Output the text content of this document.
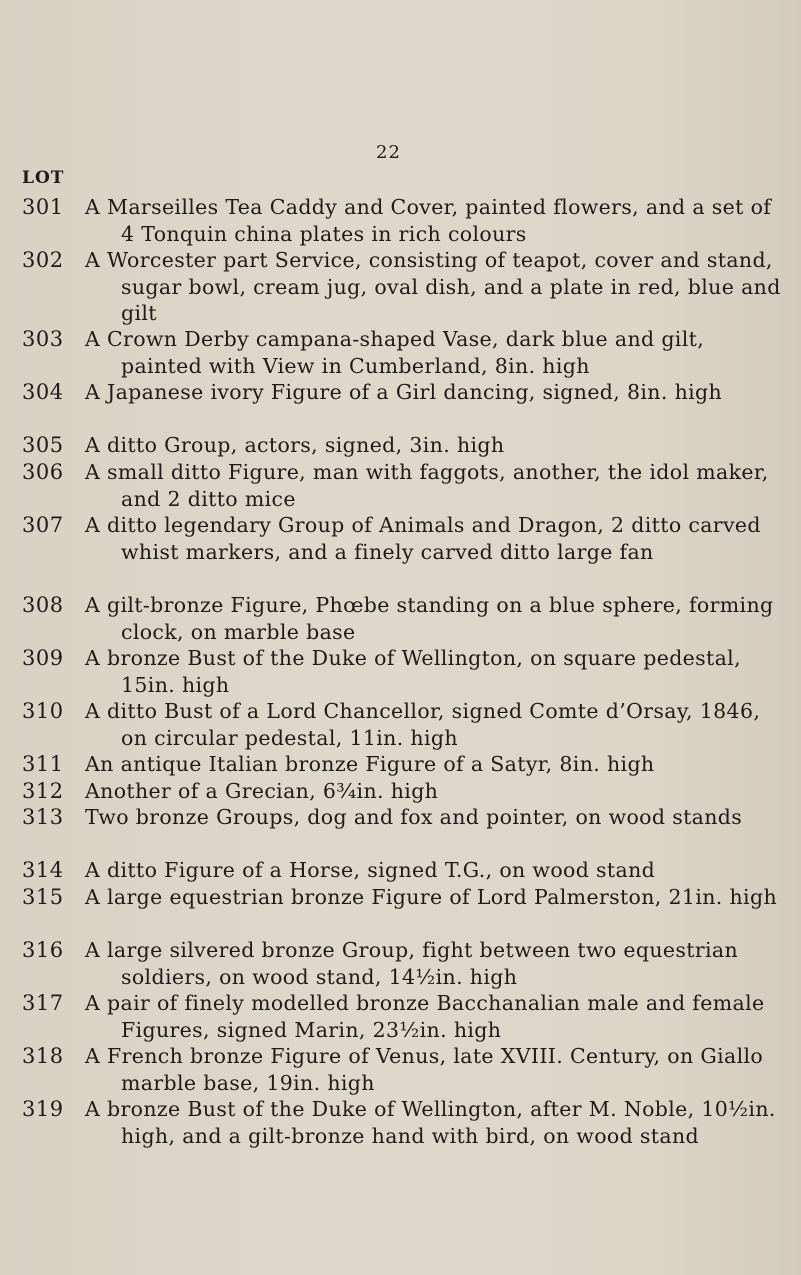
22
LOT
301 A Marseilles Tea Caddy and Cover, painted flowers, and a set of 4 Tonquin china plates in rich colours
302 A Worcester part Service, consisting of teapot, cover and stand, sugar bowl, cream jug, oval dish, and a plate in red, blue and gilt
303 A Crown Derby campana-shaped Vase, dark blue and gilt, painted with View in Cumberland, 8in. high
304 A Japanese ivory Figure of a Girl dancing, signed, 8in. high
305 A ditto Group, actors, signed, 3in. high
306 A small ditto Figure, man with faggots, another, the idol maker, and 2 ditto mice
307 A ditto legendary Group of Animals and Dragon, 2 ditto carved whist markers, and a finely carved ditto large fan
308 A gilt-bronze Figure, Phœbe standing on a blue sphere, forming clock, on marble base
309 A bronze Bust of the Duke of Wellington, on square pedestal, 15in. high
310 A ditto Bust of a Lord Chancellor, signed Comte d’Orsay, 1846, on circular pedestal, 11in. high
311 An antique Italian bronze Figure of a Satyr, 8in. high
312 Another of a Grecian, 6¾in. high
313 Two bronze Groups, dog and fox and pointer, on wood stands
314 A ditto Figure of a Horse, signed T.G., on wood stand
315 A large equestrian bronze Figure of Lord Palmerston, 21in. high
316 A large silvered bronze Group, fight between two equestrian soldiers, on wood stand, 14½in. high
317 A pair of finely modelled bronze Bacchanalian male and female Figures, signed Marin, 23½in. high
318 A French bronze Figure of Venus, late XVIII. Century, on Giallo marble base, 19in. high
319 A bronze Bust of the Duke of Wellington, after M. Noble, 10½in. high, and a gilt-bronze hand with bird, on wood stand
